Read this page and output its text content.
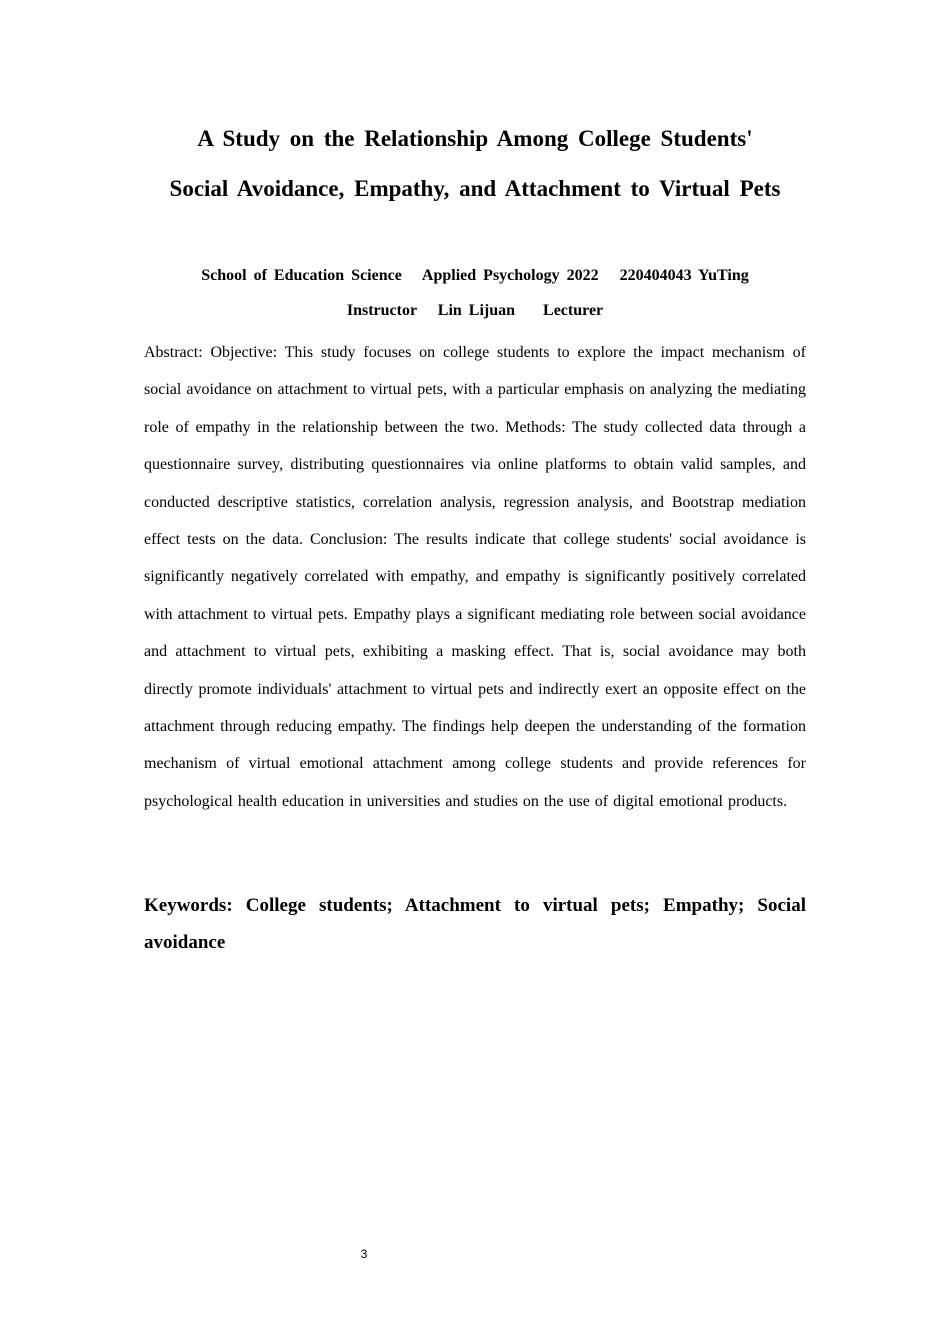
A Study on the Relationship Among College Students'
Social Avoidance, Empathy, and Attachment to Virtual Pets
School of Education Science   Applied Psychology 2022   220404043 YuTing
Instructor   Lin Lijuan    Lecturer

Abstract: Objective: This study focuses on college students to explore the impact mechanism of social avoidance on attachment to virtual pets, with a particular emphasis on analyzing the mediating role of empathy in the relationship between the two. Methods: The study collected data through a questionnaire survey, distributing questionnaires via online platforms to obtain valid samples, and conducted descriptive statistics, correlation analysis, regression analysis, and Bootstrap mediation effect tests on the data. Conclusion: The results indicate that college students' social avoidance is significantly negatively correlated with empathy, and empathy is significantly positively correlated with attachment to virtual pets. Empathy plays a significant mediating role between social avoidance and attachment to virtual pets, exhibiting a masking effect. That is, social avoidance may both directly promote individuals' attachment to virtual pets and indirectly exert an opposite effect on the attachment through reducing empathy. The findings help deepen the understanding of the formation mechanism of virtual emotional attachment among college students and provide references for psychological health education in universities and studies on the use of digital emotional products.

Keywords: College students; Attachment to virtual pets; Empathy; Social avoidance

3
